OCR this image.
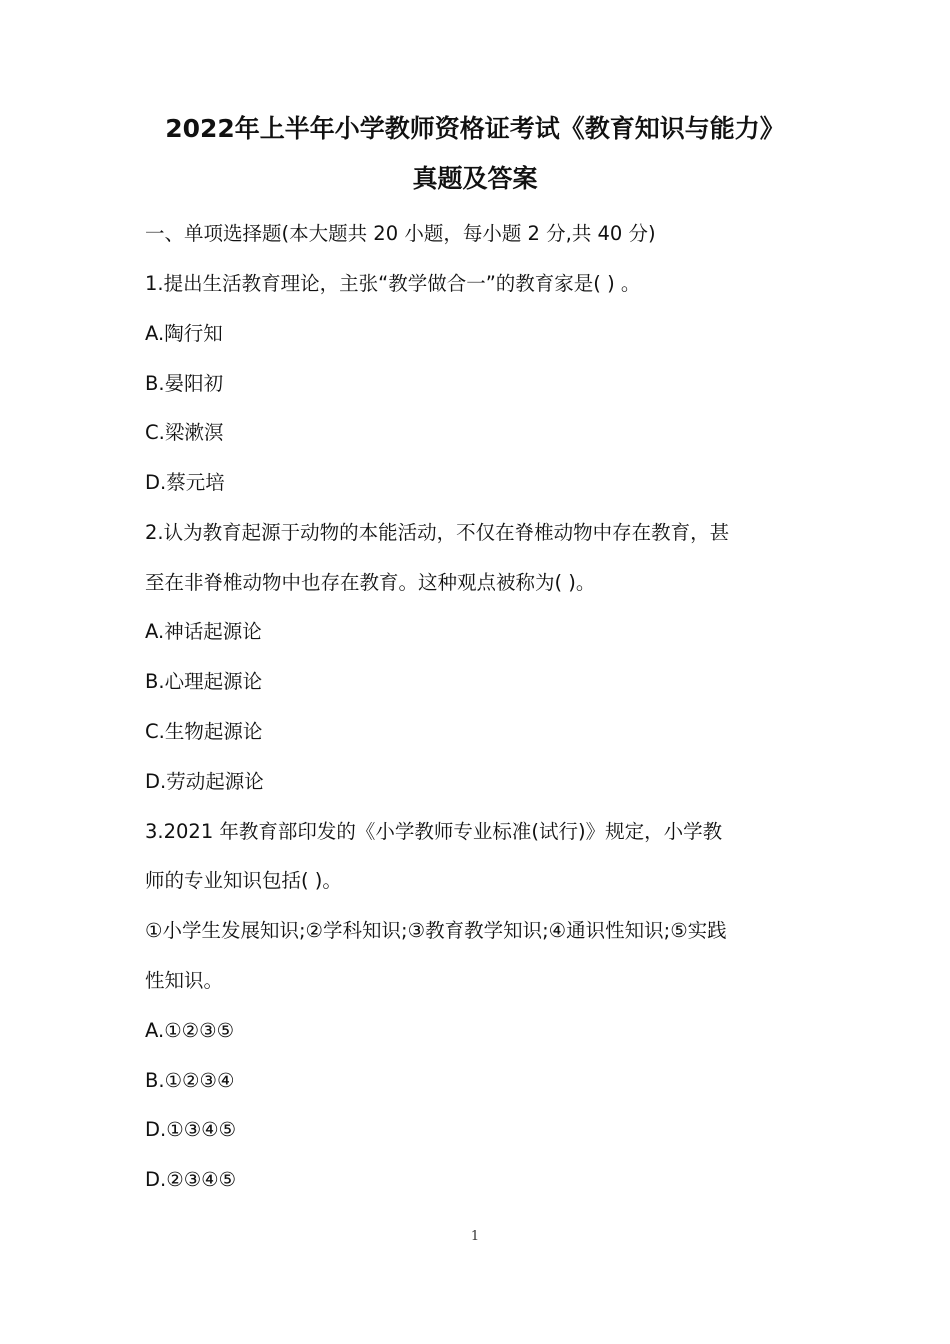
2022年上半年小学教师资格证考试《教育知识与能力》
真题及答案
一、单项选择题(本大题共 20 小题，每小题 2 分,共 40 分)
1.提出生活教育理论，主张“教学做合一”的教育家是( ) 。
A.陶行知
B.晏阳初
C.梁漱溟
D.蔡元培
2.认为教育起源于动物的本能活动，不仅在脊椎动物中存在教育，甚
至在非脊椎动物中也存在教育。这种观点被称为( )。
A.神话起源论
B.心理起源论
C.生物起源论
D.劳动起源论
3.2021 年教育部印发的《小学教师专业标准(试行)》规定，小学教
师的专业知识包括( )。
①小学生发展知识;②学科知识;③教育教学知识;④通识性知识;⑤实践
性知识。
A.①②③⑤
B.①②③④
D.①③④⑤
D.②③④⑤
1
